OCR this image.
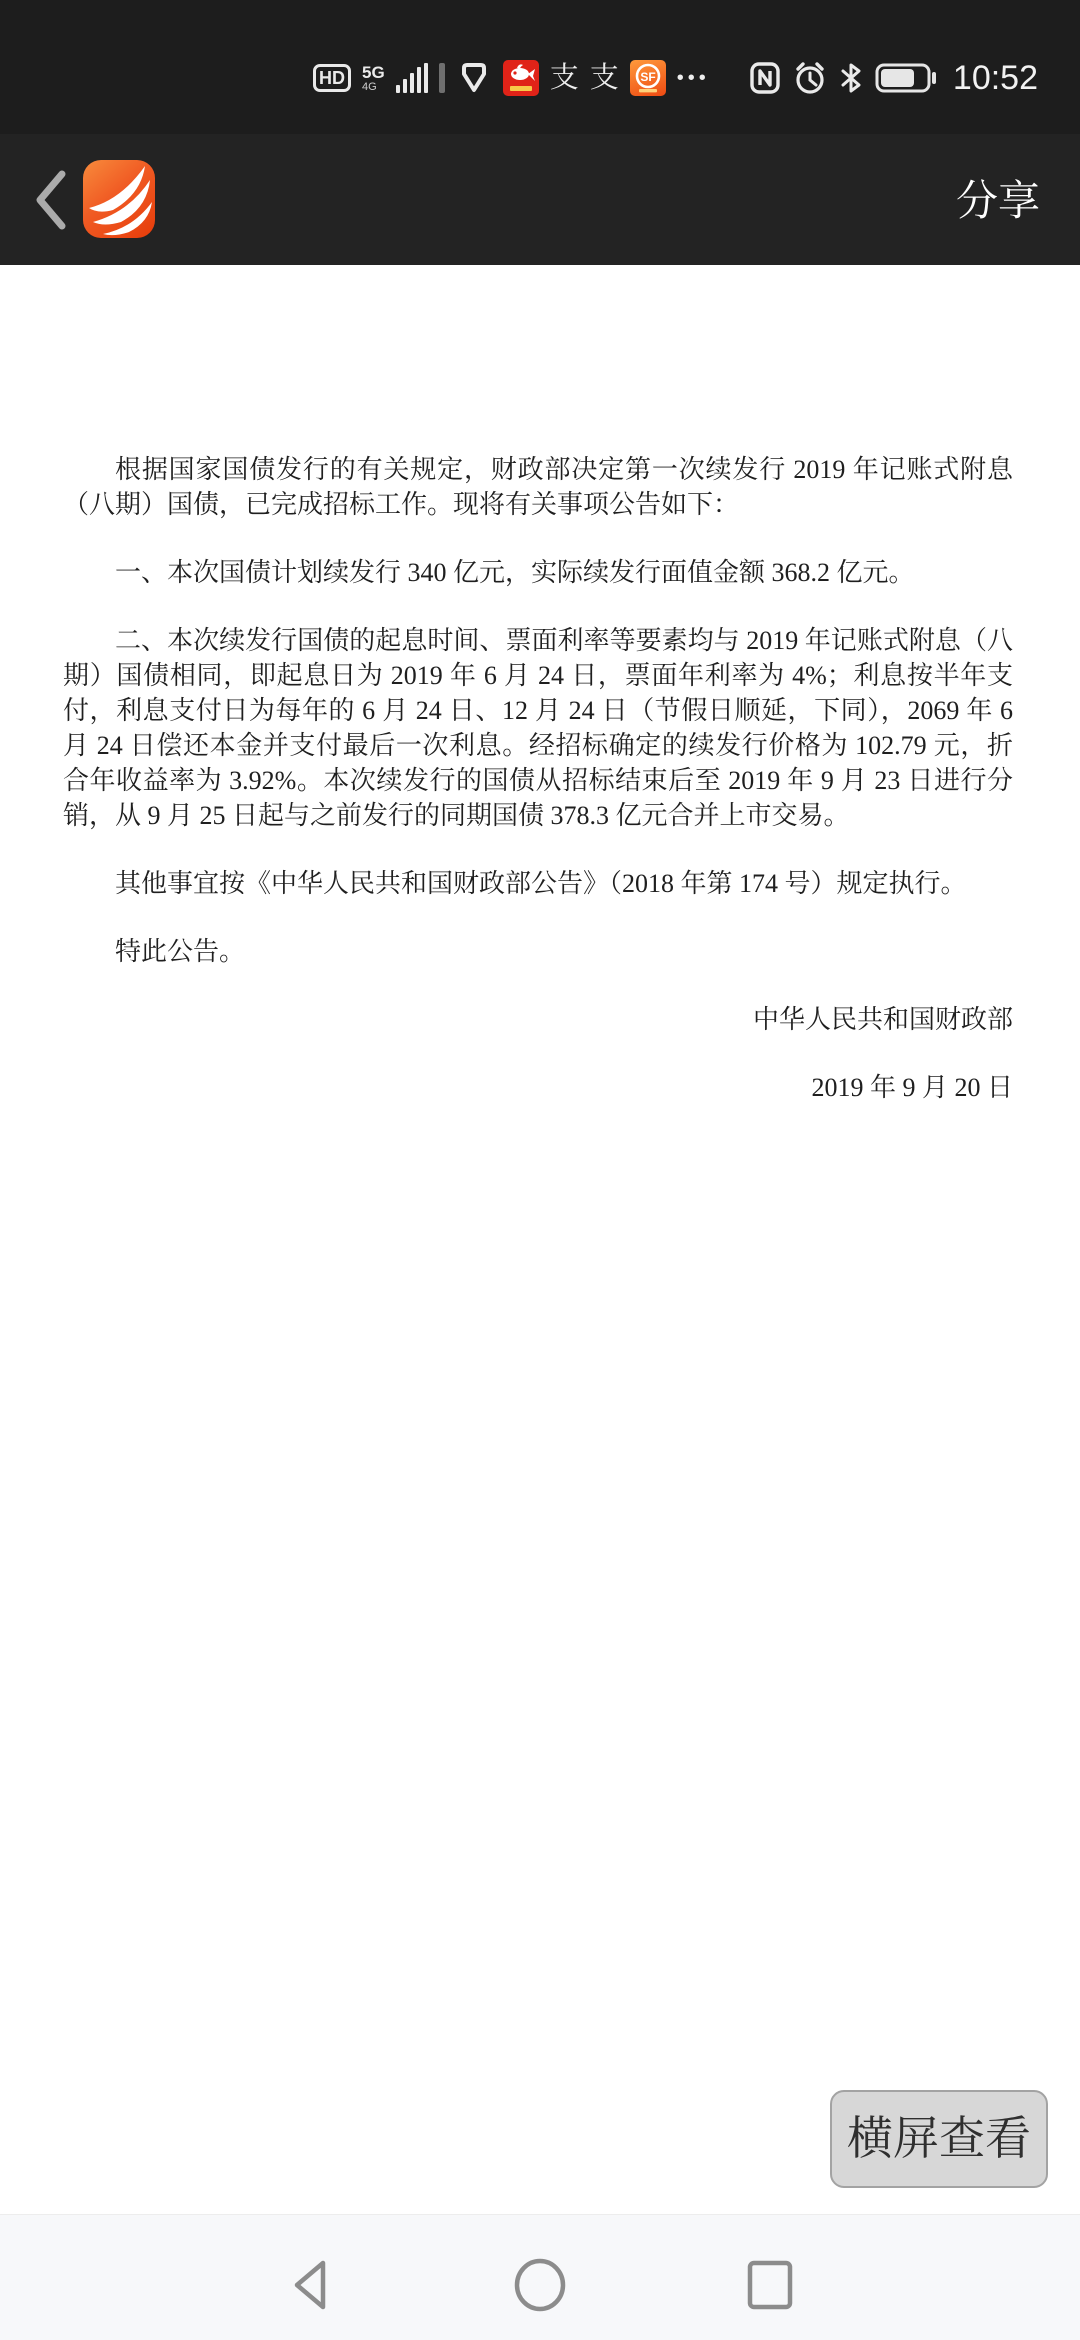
HD	5G
4G	支 支 SF •••	10:52
分享

根据国家国债发行的有关规定，财政部决定第一次续发行 2019 年记账式附息（八期）国债，已完成招标工作。现将有关事项公告如下：

一、本次国债计划续发行 340 亿元，实际续发行面值金额 368.2 亿元。

二、本次续发行国债的起息时间、票面利率等要素均与 2019 年记账式附息（八期）国债相同，即起息日为 2019 年 6 月 24 日，票面年利率为 4%；利息按半年支付，利息支付日为每年的 6 月 24 日、12 月 24 日（节假日顺延，下同），2069 年 6 月 24 日偿还本金并支付最后一次利息。经招标确定的续发行价格为 102.79 元，折合年收益率为 3.92%。本次续发行的国债从招标结束后至 2019 年 9 月 23 日进行分销，从 9 月 25 日起与之前发行的同期国债 378.3 亿元合并上市交易。

其他事宜按《中华人民共和国财政部公告》（2018 年第 174 号）规定执行。

特此公告。

中华人民共和国财政部
2019 年 9 月 20 日
横屏查看
